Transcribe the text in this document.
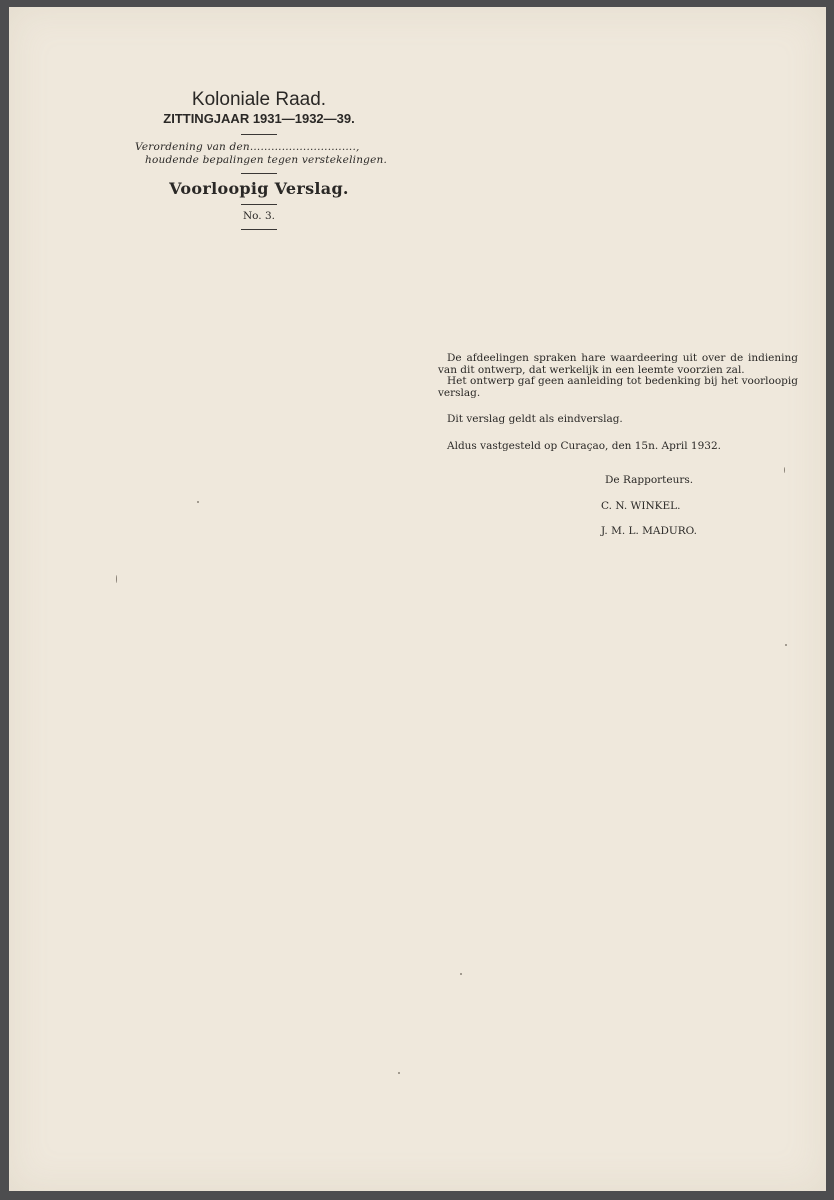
Koloniale Raad.

ZITTINGJAAR 1931—1932—39.

Verordening van den..............................,

houdende bepalingen tegen verstekelingen.

Voorloopig Verslag.

No. 3.

De afdeelingen spraken hare waardeering uit over de indiening van dit ontwerp, dat werkelijk in een leemte voorzien zal.

Het ontwerp gaf geen aanleiding tot bedenking bij het voorloopig verslag.

Dit verslag geldt als eindverslag.

Aldus vastgesteld op Curaçao, den 15n. April 1932.

De Rapporteurs.
C. N. WINKEL.
J. M. L. MADURO.
